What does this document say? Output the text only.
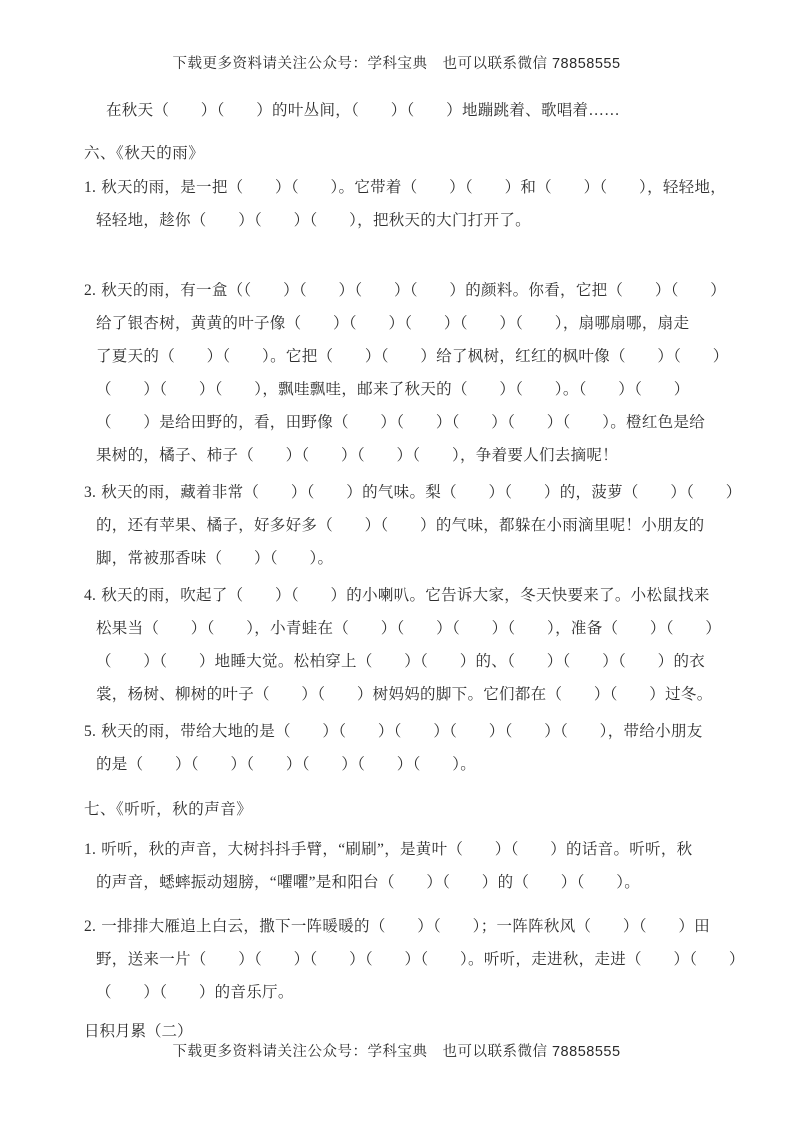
下载更多资料请关注公众号：学科宝典　也可以联系微信 78858555
在秋天（　　）（　　）的叶丛间，（　　）（　　）地蹦跳着、歌唱着……
六、《秋天的雨》
1. 秋天的雨，是一把（　　）（　　）。它带着（　　）（　　）和（　　）（　　），轻轻地，
轻轻地，趁你（　　）（　　）（　　），把秋天的大门打开了。
2. 秋天的雨，有一盒（（　　）（　　）（　　）（　　）的颜料。你看，它把（　　）（　　）
给了银杏树，黄黄的叶子像（　　）（　　）（　　）（　　）（　　），扇哪扇哪，扇走
了夏天的（　　）（　　）。它把（　　）（　　）给了枫树，红红的枫叶像（　　）（　　）
（　　）（　　）（　　），飘哇飘哇，邮来了秋天的（　　）（　　）。（　　）（　　）
（　　）是给田野的，看，田野像（　　）（　　）（　　）（　　）（　　）。橙红色是给
果树的，橘子、柿子（　　）（　　）（　　）（　　），争着要人们去摘呢！
3. 秋天的雨，藏着非常（　　）（　　）的气味。梨（　　）（　　）的，菠萝（　　）（　　）
的，还有苹果、橘子，好多好多（　　）（　　）的气味，都躲在小雨滴里呢！小朋友的
脚，常被那香味（　　）（　　）。
4. 秋天的雨，吹起了（　　）（　　）的小喇叭。它告诉大家，冬天快要来了。小松鼠找来
松果当（　　）（　　），小青蛙在（　　）（　　）（　　）（　　），准备（　　）（　　）
（　　）（　　）地睡大觉。松柏穿上（　　）（　　）的、（　　）（　　）（　　）的衣
裳，杨树、柳树的叶子（　　）（　　）树妈妈的脚下。它们都在（　　）（　　）过冬。
5. 秋天的雨，带给大地的是（　　）（　　）（　　）（　　）（　　）（　　），带给小朋友
的是（　　）（　　）（　　）（　　）（　　）（　　）。
七、《听听，秋的声音》
1. 听听，秋的声音，大树抖抖手臂，“刷刷”，是黄叶（　　）（　　）的话音。听听，秋
的声音，蟋蟀振动翅膀，“㘗㘗”是和阳台（　　）（　　）的（　　）（　　）。
2. 一排排大雁追上白云，撒下一阵暖暖的（　　）（　　）；一阵阵秋风（　　）（　　）田
野，送来一片（　　）（　　）（　　）（　　）（　　）。听听，走进秋，走进（　　）（　　）
（　　）（　　）的音乐厅。
日积月累（二）
下载更多资料请关注公众号：学科宝典　也可以联系微信 78858555
